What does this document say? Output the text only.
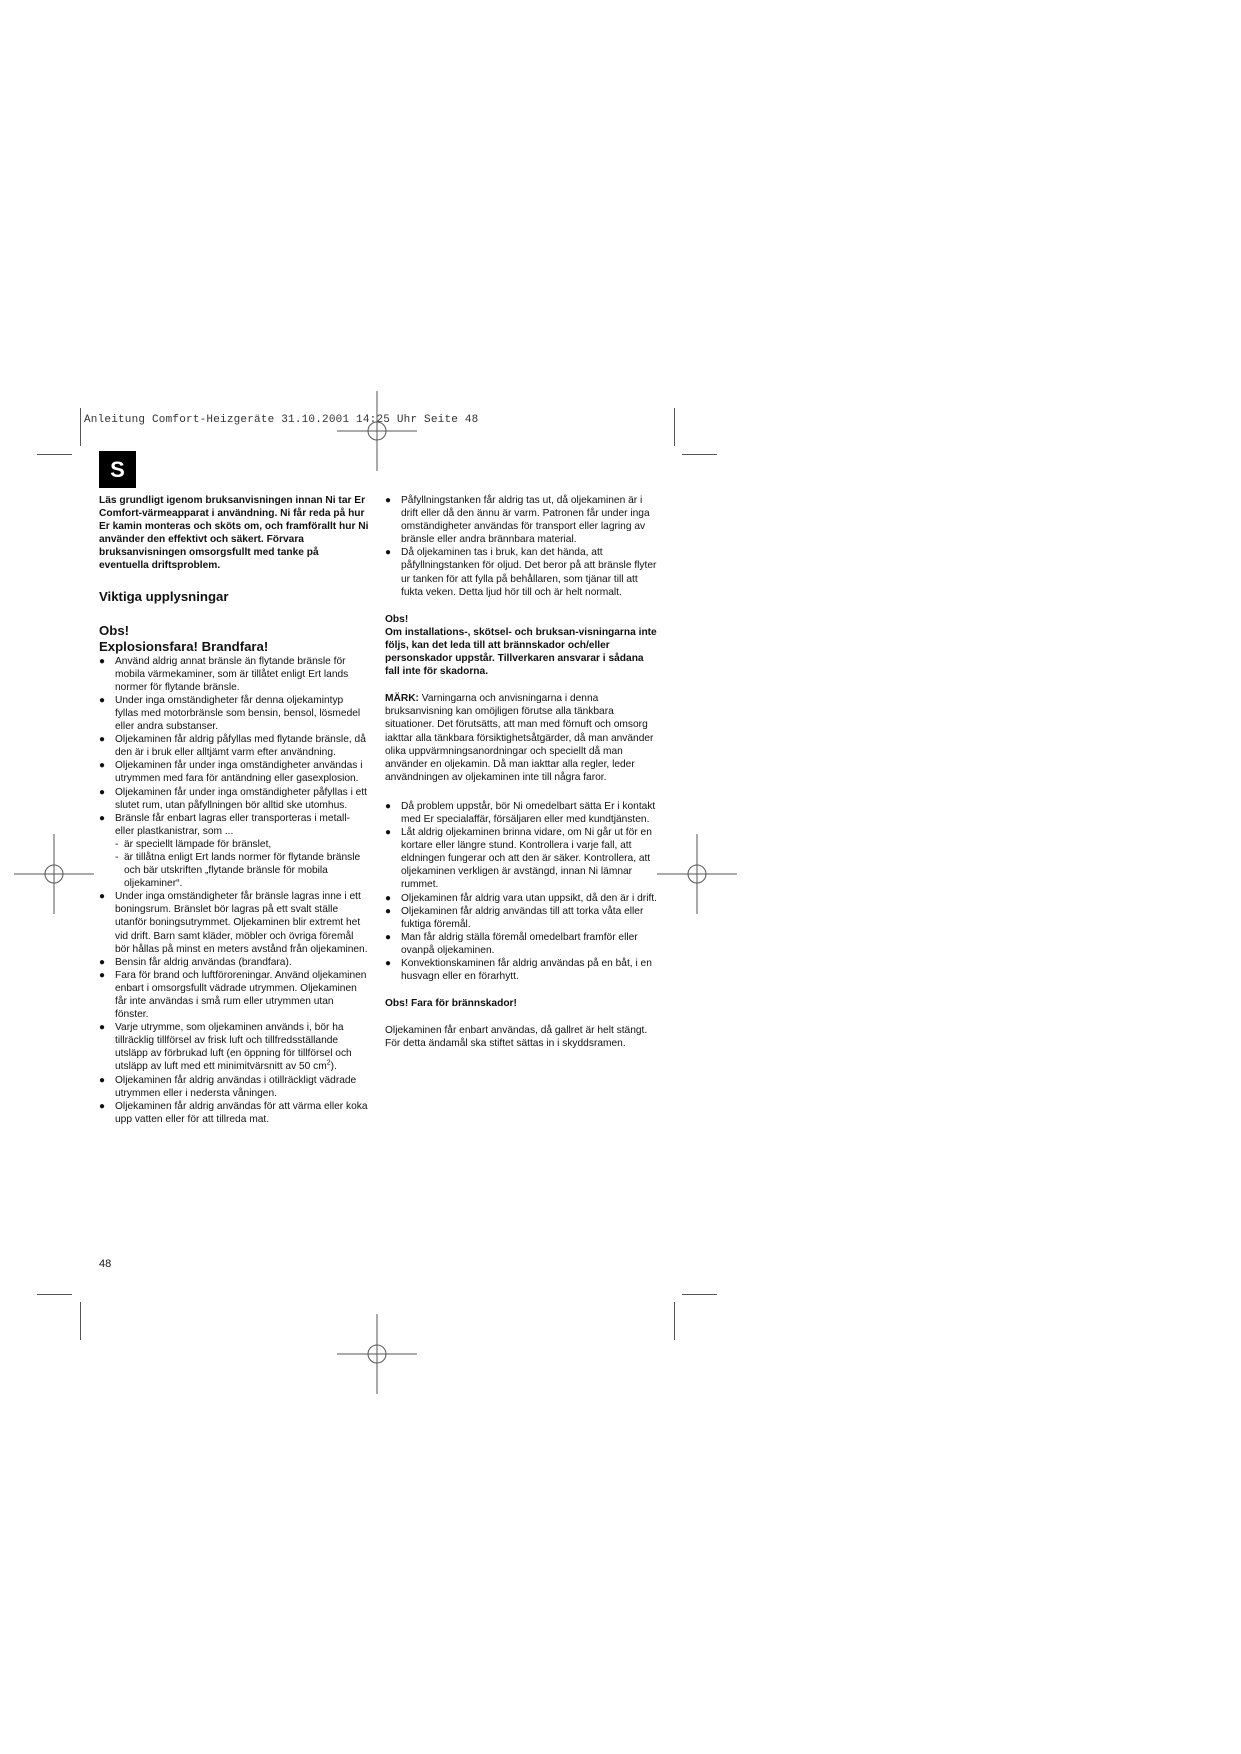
Anleitung Comfort-Heizgeräte 31.10.2001 14:25 Uhr Seite 48

S

Läs grundligt igenom bruksanvisningen innan Ni tar Er Comfort-värmeapparat i användning. Ni får reda på hur Er kamin monteras och sköts om, och framförallt hur Ni använder den effektivt och säkert. Förvara bruksanvisningen omsorgsfullt med tanke på eventuella driftsproblem.

Viktiga upplysningar

Obs!

Explosionsfara! Brandfara!

● Använd aldrig annat bränsle än flytande bränsle för mobila värmekaminer, som är tillåtet enligt Ert lands normer för flytande bränsle.
● Under inga omständigheter får denna oljekamintyp fyllas med motorbränsle som bensin, bensol, lösmedel eller andra substanser.
● Oljekaminen får aldrig påfyllas med flytande bränsle, då den är i bruk eller alltjämt varm efter användning.
● Oljekaminen får under inga omständigheter användas i utrymmen med fara för antändning eller gasexplosion.
● Oljekaminen får under inga omständigheter påfyllas i ett slutet rum, utan påfyllningen bör alltid ske utomhus.
● Bränsle får enbart lagras eller transporteras i metall- eller plastkanistrar, som ...
- är speciellt lämpade för bränslet,
- är tillåtna enligt Ert lands normer för flytande bränsle och bär utskriften „flytande bränsle för mobila oljekaminer“.
● Under inga omständigheter får bränsle lagras inne i ett boningsrum. Bränslet bör lagras på ett svalt ställe utanför boningsutrymmet. Oljekaminen blir extremt het vid drift. Barn samt kläder, möbler och övriga föremål bör hållas på minst en meters avstånd från oljekaminen.
● Bensin får aldrig användas (brandfara).
● Fara för brand och luftföroreningar. Använd oljekaminen enbart i omsorgsfullt vädrade utrymmen. Oljekaminen får inte användas i små rum eller utrymmen utan fönster.
● Varje utrymme, som oljekaminen används i, bör ha tillräcklig tillförsel av frisk luft och tillfredsställande utsläpp av förbrukad luft (en öppning för tillförsel och utsläpp av luft med ett minimitvärsnitt av 50 $cm^2$).
● Oljekaminen får aldrig användas i otillräckligt vädrade utrymmen eller i nedersta våningen.
● Oljekaminen får aldrig användas för att värma eller koka upp vatten eller för att tillreda mat.
● Påfyllningstanken får aldrig tas ut, då oljekaminen är i drift eller då den ännu är varm. Patronen får under inga omständigheter användas för transport eller lagring av bränsle eller andra brännbara material.
● Då oljekaminen tas i bruk, kan det hända, att påfyllningstanken för oljud. Det beror på att bränsle flyter ur tanken för att fylla på behållaren, som tjänar till att fukta veken. Detta ljud hör till och är helt normalt.

Obs!

Om installations-, skötsel- och bruksan-visningarna inte följs, kan det leda till att brännskador och/eller personskador uppstår. Tillverkaren ansvarar i sådana fall inte för skadorna.

MÄRK: Varningarna och anvisningarna i denna bruksanvisning kan omöjligen förutse alla tänkbara situationer. Det förutsätts, att man med förnuft och omsorg iakttar alla tänkbara försiktighetsåtgärder, då man använder olika uppvärmningsanordningar och speciellt då man använder en oljekamin. Då man iakttar alla regler, leder användningen av oljekaminen inte till några faror.

● Då problem uppstår, bör Ni omedelbart sätta Er i kontakt med Er specialaffär, försäljaren eller med kundtjänsten.
● Låt aldrig oljekaminen brinna vidare, om Ni går ut för en kortare eller längre stund. Kontrollera i varje fall, att eldningen fungerar och att den är säker. Kontrollera, att oljekaminen verkligen är avstängd, innan Ni lämnar rummet.
● Oljekaminen får aldrig vara utan uppsikt, då den är i drift.
● Oljekaminen får aldrig användas till att torka våta eller fuktiga föremål.
● Man får aldrig ställa föremål omedelbart framför eller ovanpå oljekaminen.
● Konvektionskaminen får aldrig användas på en båt, i en husvagn eller en förarhytt.

Obs! Fara för brännskador!

Oljekaminen får enbart användas, då gallret är helt stängt. För detta ändamål ska stiftet sättas in i skyddsramen.

48
